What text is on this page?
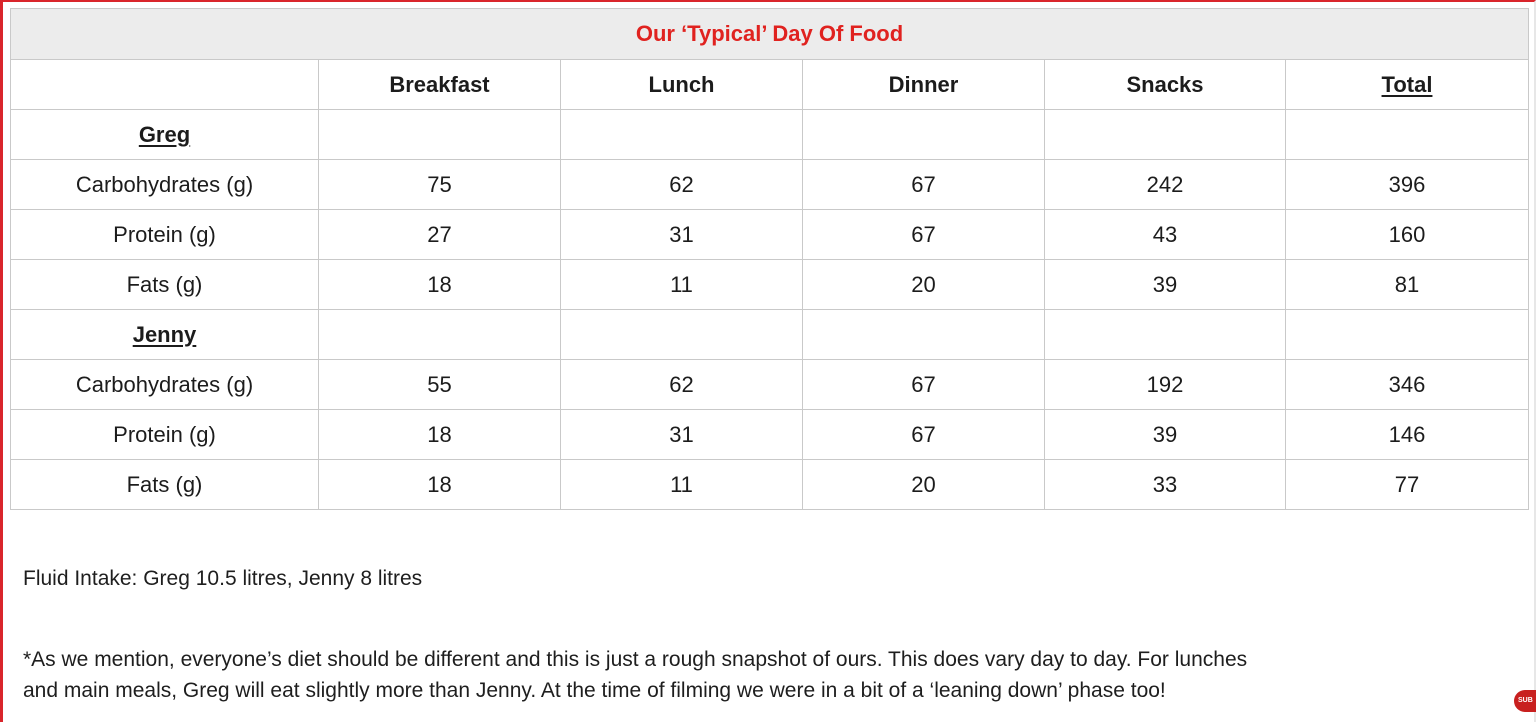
Our ‘Typical’ Day Of Food					
	Breakfast	Lunch	Dinner	Snacks	Total
Greg					
Carbohydrates (g)	75	62	67	242	396
Protein (g)	27	31	67	43	160
Fats (g)	18	11	20	39	81
Jenny					
Carbohydrates (g)	55	62	67	192	346
Protein (g)	18	31	67	39	146
Fats (g)	18	11	20	33	77
Fluid Intake: Greg 10.5 litres, Jenny 8 litres
*As we mention, everyone’s diet should be different and this is just a rough snapshot of ours. This does vary day to day. For lunches
and main meals, Greg will eat slightly more than Jenny. At the time of filming we were in a bit of a ‘leaning down’ phase too!	SUB
